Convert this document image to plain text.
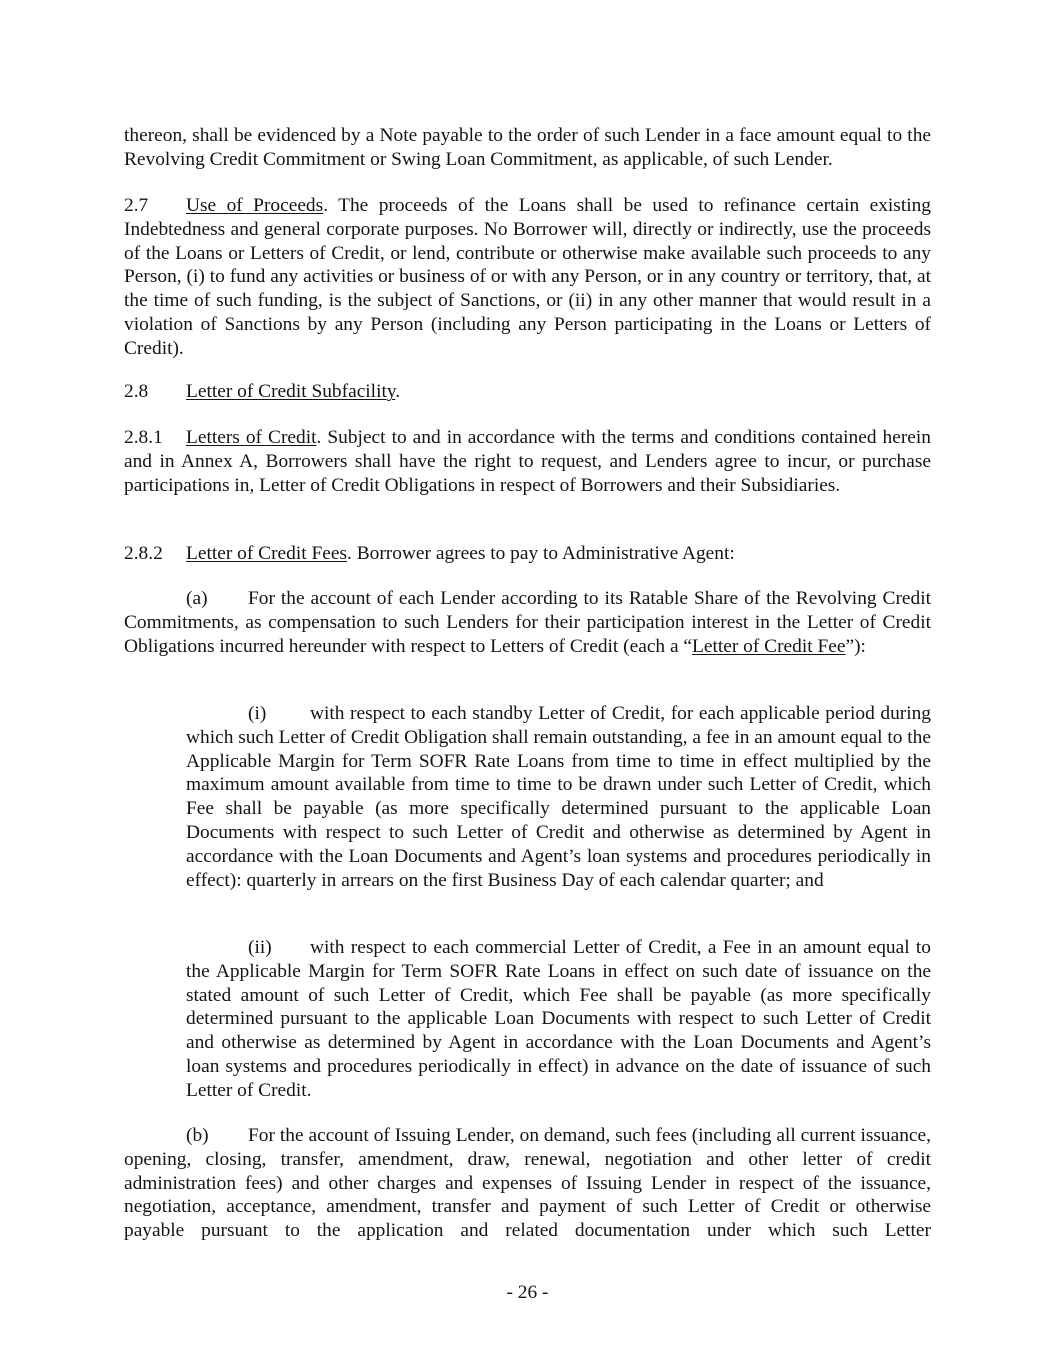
thereon, shall be evidenced by a Note payable to the order of such Lender in a face amount equal to the Revolving Credit Commitment or Swing Loan Commitment, as applicable, of such Lender.

2.7 Use of Proceeds. The proceeds of the Loans shall be used to refinance certain existing Indebtedness and general corporate purposes. No Borrower will, directly or indirectly, use the proceeds of the Loans or Letters of Credit, or lend, contribute or otherwise make available such proceeds to any Person, (i) to fund any activities or business of or with any Person, or in any country or territory, that, at the time of such funding, is the subject of Sanctions, or (ii) in any other manner that would result in a violation of Sanctions by any Person (including any Person participating in the Loans or Letters of Credit).

2.8 Letter of Credit Subfacility.

2.8.1 Letters of Credit. Subject to and in accordance with the terms and conditions contained herein and in Annex A, Borrowers shall have the right to request, and Lenders agree to incur, or purchase participations in, Letter of Credit Obligations in respect of Borrowers and their Subsidiaries.

2.8.2 Letter of Credit Fees. Borrower agrees to pay to Administrative Agent:

(a) For the account of each Lender according to its Ratable Share of the Revolving Credit Commitments, as compensation to such Lenders for their participation interest in the Letter of Credit Obligations incurred hereunder with respect to Letters of Credit (each a “Letter of Credit Fee”):

(i) with respect to each standby Letter of Credit, for each applicable period during which such Letter of Credit Obligation shall remain outstanding, a fee in an amount equal to the Applicable Margin for Term SOFR Rate Loans from time to time in effect multiplied by the maximum amount available from time to time to be drawn under such Letter of Credit, which Fee shall be payable (as more specifically determined pursuant to the applicable Loan Documents with respect to such Letter of Credit and otherwise as determined by Agent in accordance with the Loan Documents and Agent’s loan systems and procedures periodically in effect): quarterly in arrears on the first Business Day of each calendar quarter; and

(ii) with respect to each commercial Letter of Credit, a Fee in an amount equal to the Applicable Margin for Term SOFR Rate Loans in effect on such date of issuance on the stated amount of such Letter of Credit, which Fee shall be payable (as more specifically determined pursuant to the applicable Loan Documents with respect to such Letter of Credit and otherwise as determined by Agent in accordance with the Loan Documents and Agent’s loan systems and procedures periodically in effect) in advance on the date of issuance of such Letter of Credit.

(b) For the account of Issuing Lender, on demand, such fees (including all current issuance, opening, closing, transfer, amendment, draw, renewal, negotiation and other letter of credit administration fees) and other charges and expenses of Issuing Lender in respect of the issuance, negotiation, acceptance, amendment, transfer and payment of such Letter of Credit or otherwise payable pursuant to the application and related documentation under which such Letter

- 26 -
